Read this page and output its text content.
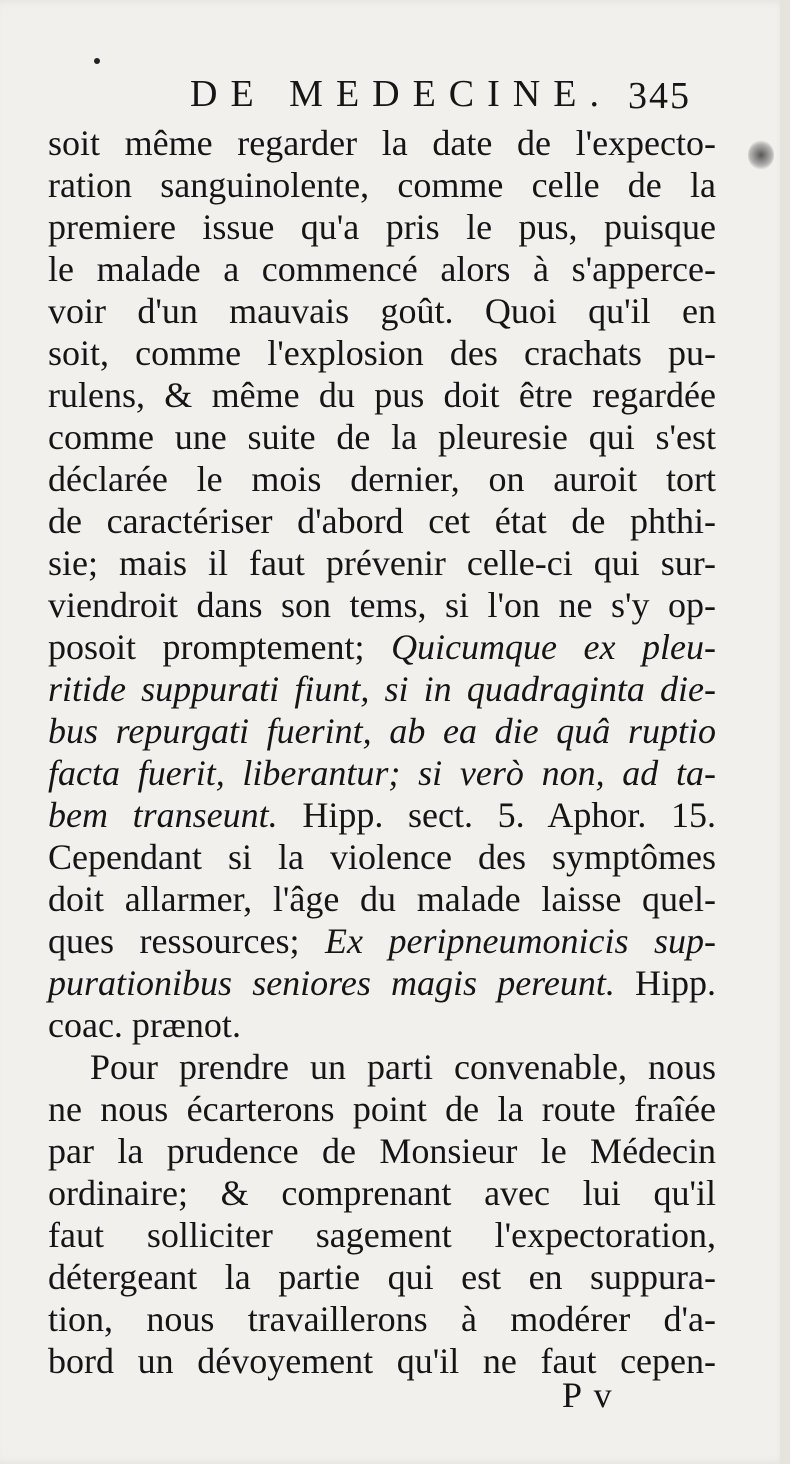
DE MEDECINE. 345
soit même regarder la date de l'expecto-
ration sanguinolente, comme celle de la
premiere issue qu'a pris le pus, puisque
le malade a commencé alors à s'apperce-
voir d'un mauvais goût. Quoi qu'il en
soit, comme l'explosion des crachats pu-
rulens, & même du pus doit être regardée
comme une suite de la pleuresie qui s'est
déclarée le mois dernier, on auroit tort
de caractériser d'abord cet état de phthi-
sie; mais il faut prévenir celle-ci qui sur-
viendroit dans son tems, si l'on ne s'y op-
posoit promptement; Quicumque ex pleu-
ritide suppurati fiunt, si in quadraginta die-
bus repurgati fuerint, ab ea die quâ ruptio
facta fuerit, liberantur; si verò non, ad ta-
bem transeunt. Hipp. sect. 5. Aphor. 15.
Cependant si la violence des symptômes
doit allarmer, l'âge du malade laisse quel-
ques ressources; Ex peripneumonicis sup-
purationibus seniores magis pereunt. Hipp.
coac. prænot.
Pour prendre un parti convenable, nous
ne nous écarterons point de la route fraîée
par la prudence de Monsieur le Médecin
ordinaire; & comprenant avec lui qu'il
faut solliciter sagement l'expectoration,
détergeant la partie qui est en suppura-
tion, nous travaillerons à modérer d'a-
bord un dévoyement qu'il ne faut cepen-
P v
